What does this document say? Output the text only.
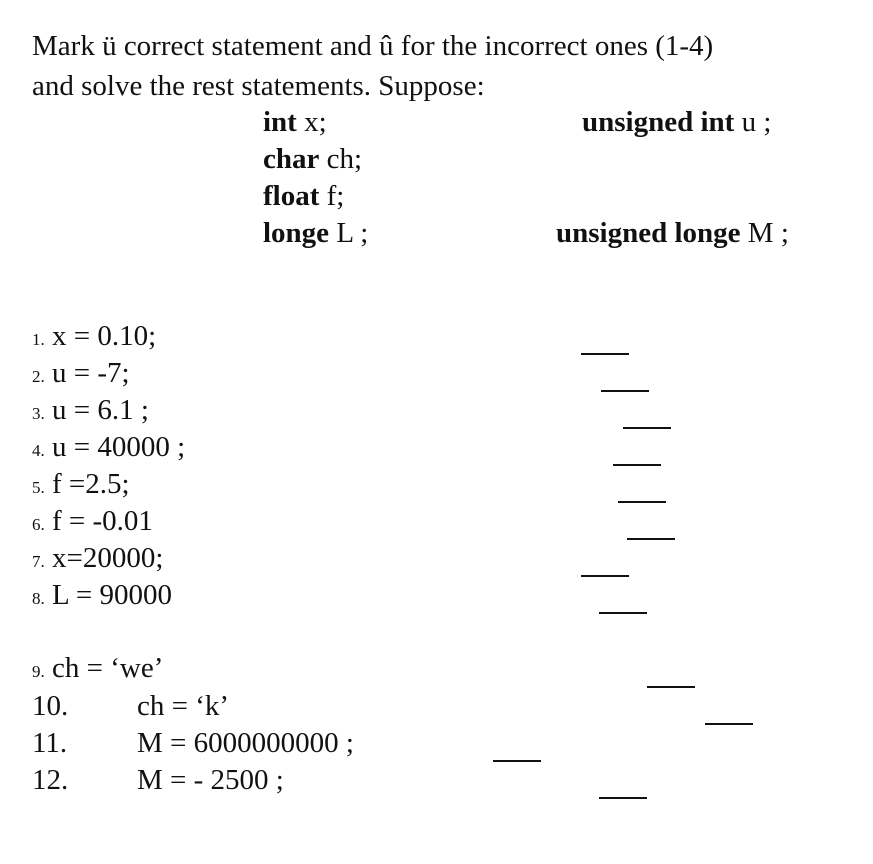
Mark ü correct statement and û for the incorrect ones (1-4)
and solve the rest statements. Suppose:
int x;
char ch;
float f;
longe L ;
unsigned int u ;
unsigned longe M ;
1. x = 0.10;
2. u = -7;
3. u = 6.1 ;
4. u = 40000 ;
5. f =2.5;
6. f = -0.01
7. x=20000;
8. L = 90000
9. ch = ‘we’
10. ch = ‘k’
11. M = 6000000000 ;
12. M = - 2500 ;
